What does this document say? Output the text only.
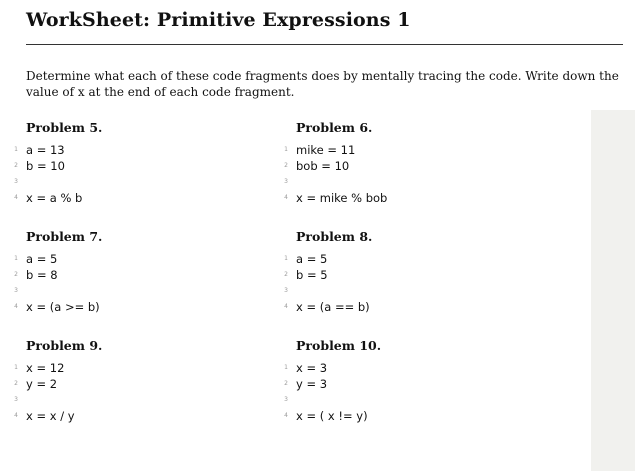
WorkSheet: Primitive Expressions 1
Determine what each of these code fragments does by mentally tracing the code. Write down the value of x at the end of each code fragment.
Problem 5.
1 a = 13
2 b = 10
3
4 x = a % b
Problem 6.
1 mike = 11
2 bob = 10
3
4 x = mike % bob
Problem 7.
1 a = 5
2 b = 8
3
4 x = (a >= b)
Problem 8.
1 a = 5
2 b = 5
3
4 x = (a == b)
Problem 9.
1 x = 12
2 y = 2
3
4 x = x / y
Problem 10.
1 x = 3
2 y = 3
3
4 x = ( x != y)
